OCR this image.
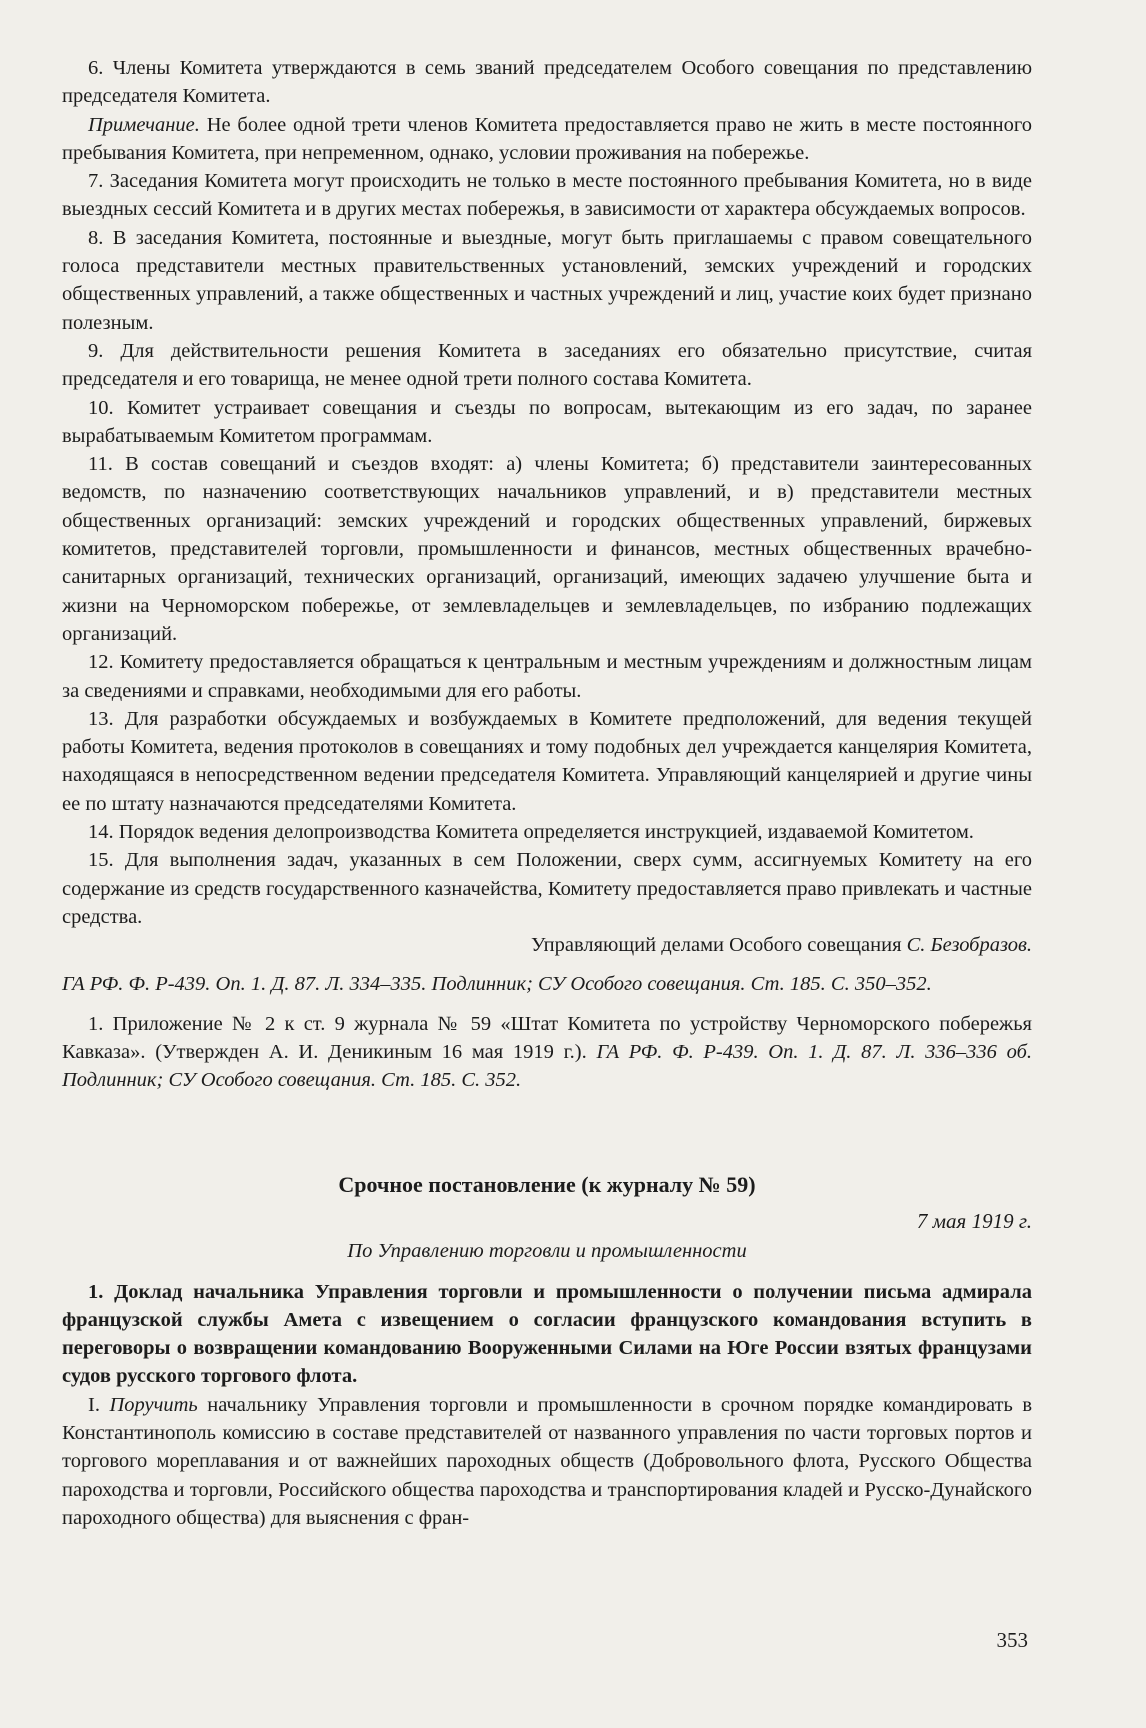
6. Члены Комитета утверждаются в семь званий председателем Особого совещания по представлению председателя Комитета.

Примечание. Не более одной трети членов Комитета предоставляется право не жить в месте постоянного пребывания Комитета, при непременном, однако, условии проживания на побережье.

7. Заседания Комитета могут происходить не только в месте постоянного пребывания Комитета, но в виде выездных сессий Комитета и в других местах побережья, в зависимости от характера обсуждаемых вопросов.

8. В заседания Комитета, постоянные и выездные, могут быть приглашаемы с правом совещательного голоса представители местных правительственных установлений, земских учреждений и городских общественных управлений, а также общественных и частных учреждений и лиц, участие коих будет признано полезным.

9. Для действительности решения Комитета в заседаниях его обязательно присутствие, считая председателя и его товарища, не менее одной трети полного состава Комитета.

10. Комитет устраивает совещания и съезды по вопросам, вытекающим из его задач, по заранее вырабатываемым Комитетом программам.

11. В состав совещаний и съездов входят: а) члены Комитета; б) представители заинтересованных ведомств, по назначению соответствующих начальников управлений, и в) представители местных общественных организаций: земских учреждений и городских общественных управлений, биржевых комитетов, представителей торговли, промышленности и финансов, местных общественных врачебно-санитарных организаций, технических организаций, организаций, имеющих задачею улучшение быта и жизни на Черноморском побережье, от землевладельцев и землевладельцев, по избранию подлежащих организаций.

12. Комитету предоставляется обращаться к центральным и местным учреждениям и должностным лицам за сведениями и справками, необходимыми для его работы.

13. Для разработки обсуждаемых и возбуждаемых в Комитете предположений, для ведения текущей работы Комитета, ведения протоколов в совещаниях и тому подобных дел учреждается канцелярия Комитета, находящаяся в непосредственном ведении председателя Комитета. Управляющий канцелярией и другие чины ее по штату назначаются председателями Комитета.

14. Порядок ведения делопроизводства Комитета определяется инструкцией, издаваемой Комитетом.

15. Для выполнения задач, указанных в сем Положении, сверх сумм, ассигнуемых Комитету на его содержание из средств государственного казначейства, Комитету предоставляется право привлекать и частные средства.

Управляющий делами Особого совещания С. Безобразов.

ГА РФ. Ф. Р-439. Оп. 1. Д. 87. Л. 334–335. Подлинник; СУ Особого совещания. Ст. 185. С. 350–352.

1. Приложение № 2 к ст. 9 журнала № 59 «Штат Комитета по устройству Черноморского побережья Кавказа». (Утвержден А. И. Деникиным 16 мая 1919 г.). ГА РФ. Ф. Р-439. Оп. 1. Д. 87. Л. 336–336 об. Подлинник; СУ Особого совещания. Ст. 185. С. 352.

Срочное постановление (к журналу № 59)

7 мая 1919 г.

По Управлению торговли и промышленности

1. Доклад начальника Управления торговли и промышленности о получении письма адмирала французской службы Амета с извещением о согласии французского командования вступить в переговоры о возвращении командованию Вооруженными Силами на Юге России взятых французами судов русского торгового флота.

I. Поручить начальнику Управления торговли и промышленности в срочном порядке командировать в Константинополь комиссию в составе представителей от названного управления по части торговых портов и торгового мореплавания и от важнейших пароходных обществ (Добровольного флота, Русского Общества пароходства и торговли, Российского общества пароходства и транспортирования кладей и Русско-Дунайского пароходного общества) для выяснения с фран-

353
